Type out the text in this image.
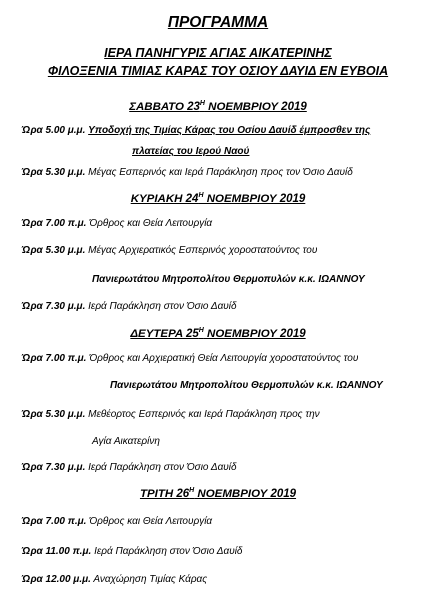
ΠΡΟΓΡΑΜΜΑ
ΙΕΡΑ ΠΑΝΗΓΥΡΙΣ ΑΓΙΑΣ ΑΙΚΑΤΕΡΙΝΗΣ
ΦΙΛΟΞΕΝΙΑ ΤΙΜΙΑΣ ΚΑΡΑΣ ΤΟΥ ΟΣΙΟΥ ΔΑΥΙΔ ΕΝ ΕΥΒΟΙΑ
ΣΑΒΒΑΤΟ $23^H$ ΝΟΕΜΒΡΙΟΥ 2019
Ώρα 5.00 μ.μ. Υποδοχή της Τιμίας Κάρας του Οσίου Δαυίδ έμπροσθεν της
πλατείας του Ιερού Ναού
Ώρα 5.30 μ.μ. Μέγας Εσπερινός και Ιερά Παράκληση προς τον Όσιο Δαυίδ
ΚΥΡΙΑΚΗ $24^H$ ΝΟΕΜΒΡΙΟΥ 2019
Ώρα 7.00 π.μ. Όρθρος και Θεία Λειτουργία
Ώρα 5.30 μ.μ. Μέγας Αρχιερατικός Εσπερινός χοροστατούντος του
Πανιερωτάτου Μητροπολίτου Θερμοπυλών κ.κ. ΙΩΑΝΝΟΥ
Ώρα 7.30 μ.μ. Ιερά Παράκληση στον Όσιο Δαυίδ
ΔΕΥΤΕΡΑ $25^H$ ΝΟΕΜΒΡΙΟΥ 2019
Ώρα 7.00 π.μ. Όρθρος και Αρχιερατική Θεία Λειτουργία χοροστατούντος του
Πανιερωτάτου Μητροπολίτου Θερμοπυλών κ.κ. ΙΩΑΝΝΟΥ
Ώρα 5.30 μ.μ. Μεθέορτος Εσπερινός και Ιερά Παράκληση προς την
Αγία Αικατερίνη
Ώρα 7.30 μ.μ. Ιερά Παράκληση στον Όσιο Δαυίδ
ΤΡΙΤΗ $26^H$ ΝΟΕΜΒΡΙΟΥ 2019
Ώρα 7.00 π.μ. Όρθρος και Θεία Λειτουργία
Ώρα 11.00 π.μ. Ιερά Παράκληση στον Όσιο Δαυίδ
Ώρα 12.00 μ.μ. Αναχώρηση Τιμίας Κάρας
